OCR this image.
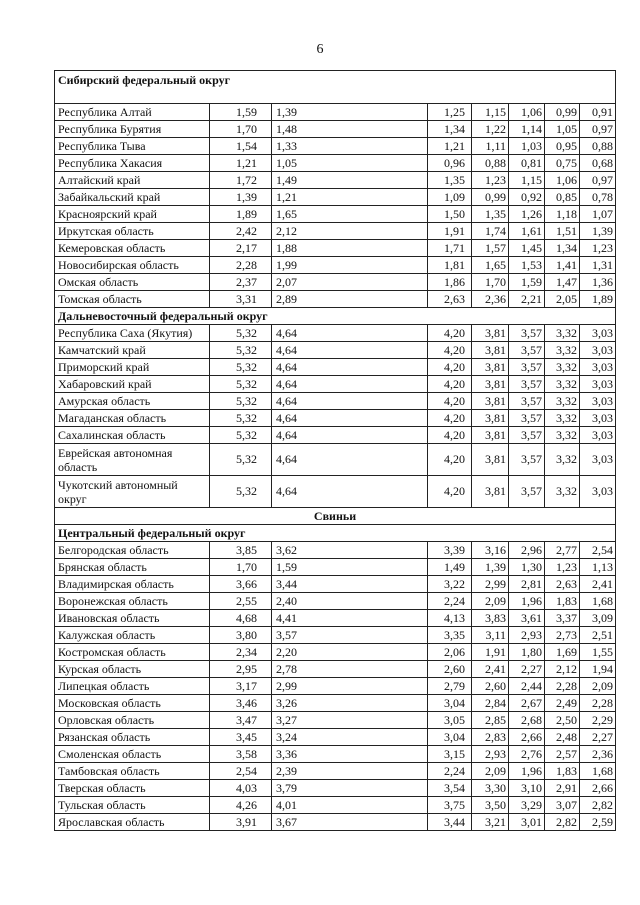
6
Сибирский федеральный округ							
Республика Алтай	1,59	1,39	1,25	1,15	1,06	0,99	0,91
Республика Бурятия	1,70	1,48	1,34	1,22	1,14	1,05	0,97
Республика Тыва	1,54	1,33	1,21	1,11	1,03	0,95	0,88
Республика Хакасия	1,21	1,05	0,96	0,88	0,81	0,75	0,68
Алтайский край	1,72	1,49	1,35	1,23	1,15	1,06	0,97
Забайкальский край	1,39	1,21	1,09	0,99	0,92	0,85	0,78
Красноярский край	1,89	1,65	1,50	1,35	1,26	1,18	1,07
Иркутская область	2,42	2,12	1,91	1,74	1,61	1,51	1,39
Кемеровская область	2,17	1,88	1,71	1,57	1,45	1,34	1,23
Новосибирская область	2,28	1,99	1,81	1,65	1,53	1,41	1,31
Омская область	2,37	2,07	1,86	1,70	1,59	1,47	1,36
Томская область	3,31	2,89	2,63	2,36	2,21	2,05	1,89
Дальневосточный федеральный округ							
Республика Саха (Якутия)	5,32	4,64	4,20	3,81	3,57	3,32	3,03
Камчатский край	5,32	4,64	4,20	3,81	3,57	3,32	3,03
Приморский край	5,32	4,64	4,20	3,81	3,57	3,32	3,03
Хабаровский край	5,32	4,64	4,20	3,81	3,57	3,32	3,03
Амурская область	5,32	4,64	4,20	3,81	3,57	3,32	3,03
Магаданская область	5,32	4,64	4,20	3,81	3,57	3,32	3,03
Сахалинская область	5,32	4,64	4,20	3,81	3,57	3,32	3,03
Еврейская автономная область	5,32	4,64	4,20	3,81	3,57	3,32	3,03
Чукотский автономный округ	5,32	4,64	4,20	3,81	3,57	3,32	3,03
Свиньи							
Центральный федеральный округ							
Белгородская область	3,85	3,62	3,39	3,16	2,96	2,77	2,54
Брянская область	1,70	1,59	1,49	1,39	1,30	1,23	1,13
Владимирская область	3,66	3,44	3,22	2,99	2,81	2,63	2,41
Воронежская область	2,55	2,40	2,24	2,09	1,96	1,83	1,68
Ивановская область	4,68	4,41	4,13	3,83	3,61	3,37	3,09
Калужская область	3,80	3,57	3,35	3,11	2,93	2,73	2,51
Костромская область	2,34	2,20	2,06	1,91	1,80	1,69	1,55
Курская область	2,95	2,78	2,60	2,41	2,27	2,12	1,94
Липецкая область	3,17	2,99	2,79	2,60	2,44	2,28	2,09
Московская область	3,46	3,26	3,04	2,84	2,67	2,49	2,28
Орловская область	3,47	3,27	3,05	2,85	2,68	2,50	2,29
Рязанская область	3,45	3,24	3,04	2,83	2,66	2,48	2,27
Смоленская область	3,58	3,36	3,15	2,93	2,76	2,57	2,36
Тамбовская область	2,54	2,39	2,24	2,09	1,96	1,83	1,68
Тверская область	4,03	3,79	3,54	3,30	3,10	2,91	2,66
Тульская область	4,26	4,01	3,75	3,50	3,29	3,07	2,82
Ярославская область	3,91	3,67	3,44	3,21	3,01	2,82	2,59
